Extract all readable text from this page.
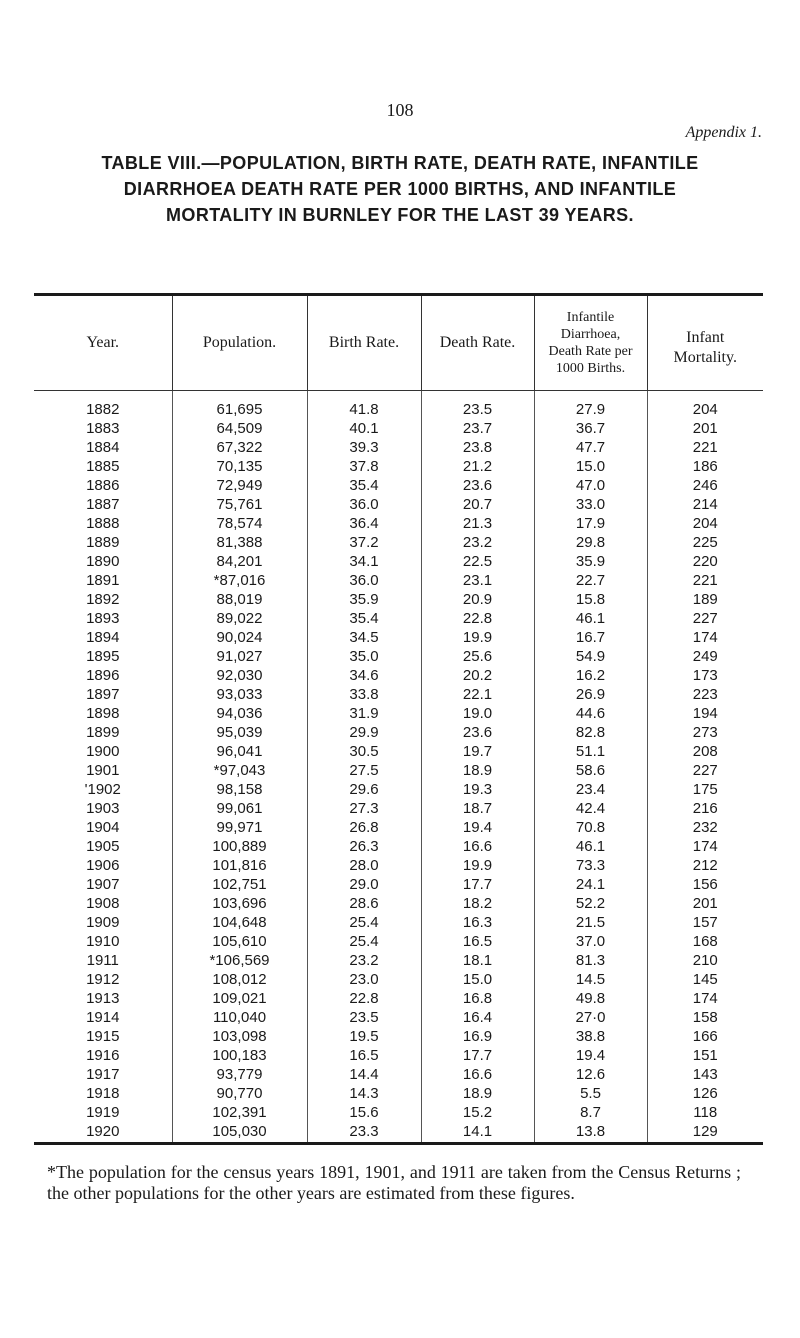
108
Appendix 1.
TABLE VIII.—POPULATION, BIRTH RATE, DEATH RATE, INFANTILE
DIARRHOEA DEATH RATE PER 1000 BIRTHS, AND INFANTILE
MORTALITY IN BURNLEY FOR THE LAST 39 YEARS.
Year.	Population.	Birth Rate.	Death Rate.	Infantile
Diarrhoea,
Death Rate per
1000 Births.	Infant
Mortality.
1882	61,695	41.8	23.5	27.9	204
1883	64,509	40.1	23.7	36.7	201
1884	67,322	39.3	23.8	47.7	221
1885	70,135	37.8	21.2	15.0	186
1886	72,949	35.4	23.6	47.0	246
1887	75,761	36.0	20.7	33.0	214
1888	78,574	36.4	21.3	17.9	204
1889	81,388	37.2	23.2	29.8	225
1890	84,201	34.1	22.5	35.9	220
1891	*87,016	36.0	23.1	22.7	221
1892	88,019	35.9	20.9	15.8	189
1893	89,022	35.4	22.8	46.1	227
1894	90,024	34.5	19.9	16.7	174
1895	91,027	35.0	25.6	54.9	249
1896	92,030	34.6	20.2	16.2	173
1897	93,033	33.8	22.1	26.9	223
1898	94,036	31.9	19.0	44.6	194
1899	95,039	29.9	23.6	82.8	273
1900	96,041	30.5	19.7	51.1	208
1901	*97,043	27.5	18.9	58.6	227
'1902	98,158	29.6	19.3	23.4	175
1903	99,061	27.3	18.7	42.4	216
1904	99,971	26.8	19.4	70.8	232
1905	100,889	26.3	16.6	46.1	174
1906	101,816	28.0	19.9	73.3	212
1907	102,751	29.0	17.7	24.1	156
1908	103,696	28.6	18.2	52.2	201
1909	104,648	25.4	16.3	21.5	157
1910	105,610	25.4	16.5	37.0	168
1911	*106,569	23.2	18.1	81.3	210
1912	108,012	23.0	15.0	14.5	145
1913	109,021	22.8	16.8	49.8	174
1914	110,040	23.5	16.4	27·0	158
1915	103,098	19.5	16.9	38.8	166
1916	100,183	16.5	17.7	19.4	151
1917	93,779	14.4	16.6	12.6	143
1918	90,770	14.3	18.9	5.5	126
1919	102,391	15.6	15.2	8.7	118
1920	105,030	23.3	14.1	13.8	129
*The population for the census years 1891, 1901, and 1911 are taken from the Census Returns ; the other populations for the other years are estimated from these figures.
